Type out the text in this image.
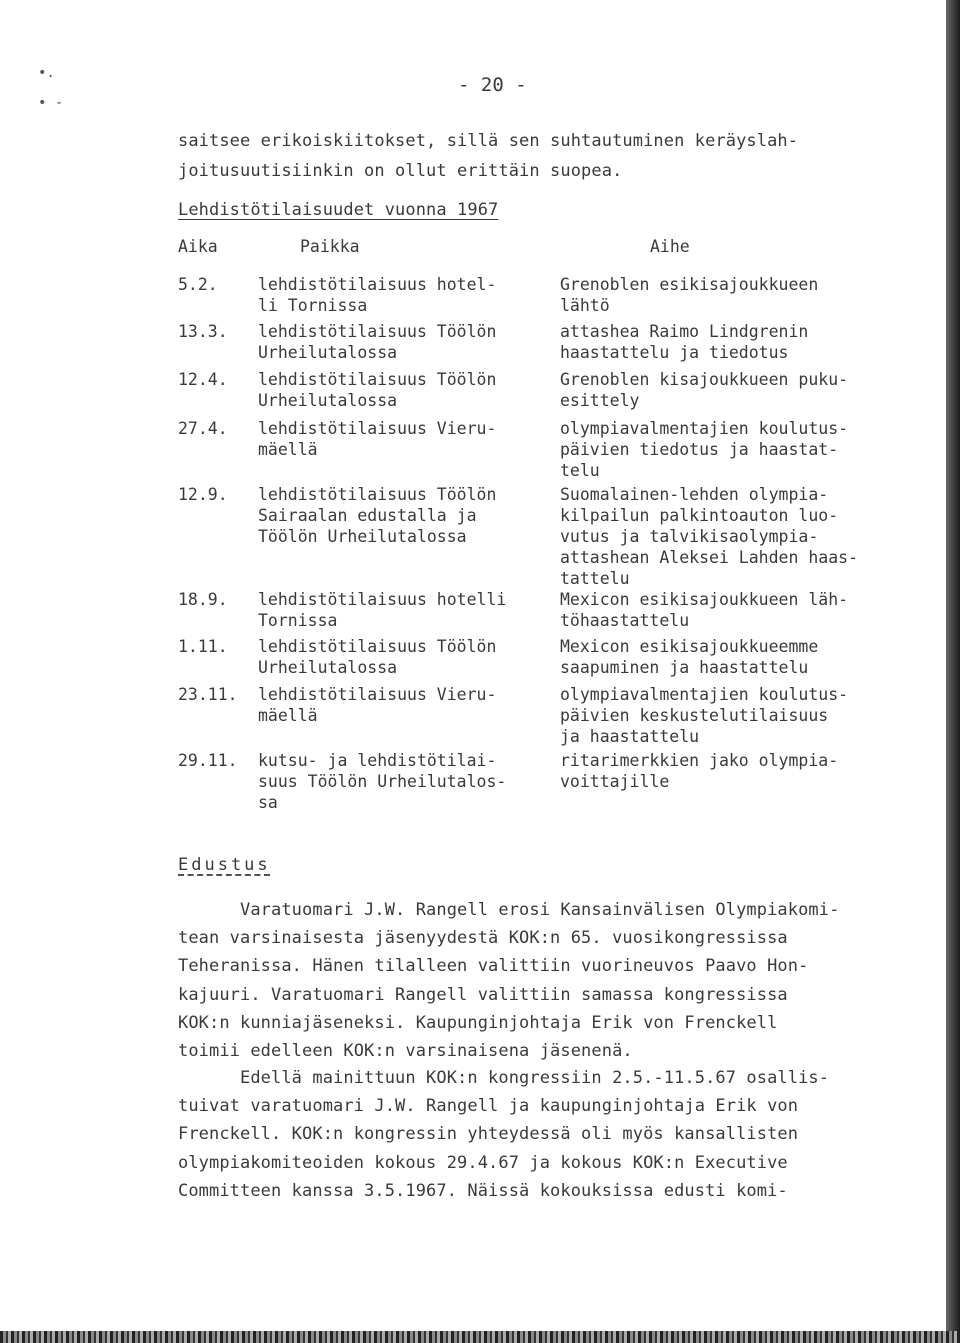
•.
• -
- 20 -
saitsee erikoiskiitokset, sillä sen suhtautuminen keräyslah-
joitusuutisiinkin on ollut erittäin suopea.
Lehdistötilaisuudet vuonna 1967
Aika	Paikka	Aihe
5.2. lehdistötilaisuus hotel-
li Tornissa
Grenoblen esikisajoukkueen
lähtö
13.3. lehdistötilaisuus Töölön
Urheilutalossa
attashea Raimo Lindgrenin
haastattelu ja tiedotus
12.4. lehdistötilaisuus Töölön
Urheilutalossa
Grenoblen kisajoukkueen puku-
esittely
27.4. lehdistötilaisuus Vieru-
mäellä
olympiavalmentajien koulutus-
päivien tiedotus ja haastat-
telu
12.9. lehdistötilaisuus Töölön
Sairaalan edustalla ja
Töölön Urheilutalossa
Suomalainen-lehden olympia-
kilpailun palkintoauton luo-
vutus ja talvikisaolympia-
attashean Aleksei Lahden haas-
tattelu
18.9. lehdistötilaisuus hotelli
Tornissa
Mexicon esikisajoukkueen läh-
töhaastattelu
1.11. lehdistötilaisuus Töölön
Urheilutalossa
Mexicon esikisajoukkueemme
saapuminen ja haastattelu
23.11. lehdistötilaisuus Vieru-
mäellä
olympiavalmentajien koulutus-
päivien keskustelutilaisuus
ja haastattelu
29.11. kutsu- ja lehdistötilai-
suus Töölön Urheilutalos-
sa
ritarimerkkien jako olympia-
voittajille
Edustus
Varatuomari J.W. Rangell erosi Kansainvälisen Olympiakomi-
tean varsinaisesta jäsenyydestä KOK:n 65. vuosikongressissa
Teheranissa. Hänen tilalleen valittiin vuorineuvos Paavo Hon-
kajuuri. Varatuomari Rangell valittiin samassa kongressissa
KOK:n kunniajäseneksi. Kaupunginjohtaja Erik von Frenckell
toimii edelleen KOK:n varsinaisena jäsenenä.
Edellä mainittuun KOK:n kongressiin 2.5.-11.5.67 osallis-
tuivat varatuomari J.W. Rangell ja kaupunginjohtaja Erik von
Frenckell. KOK:n kongressin yhteydessä oli myös kansallisten
olympiakomiteoiden kokous 29.4.67 ja kokous KOK:n Executive
Committeen kanssa 3.5.1967. Näissä kokouksissa edusti komi-
